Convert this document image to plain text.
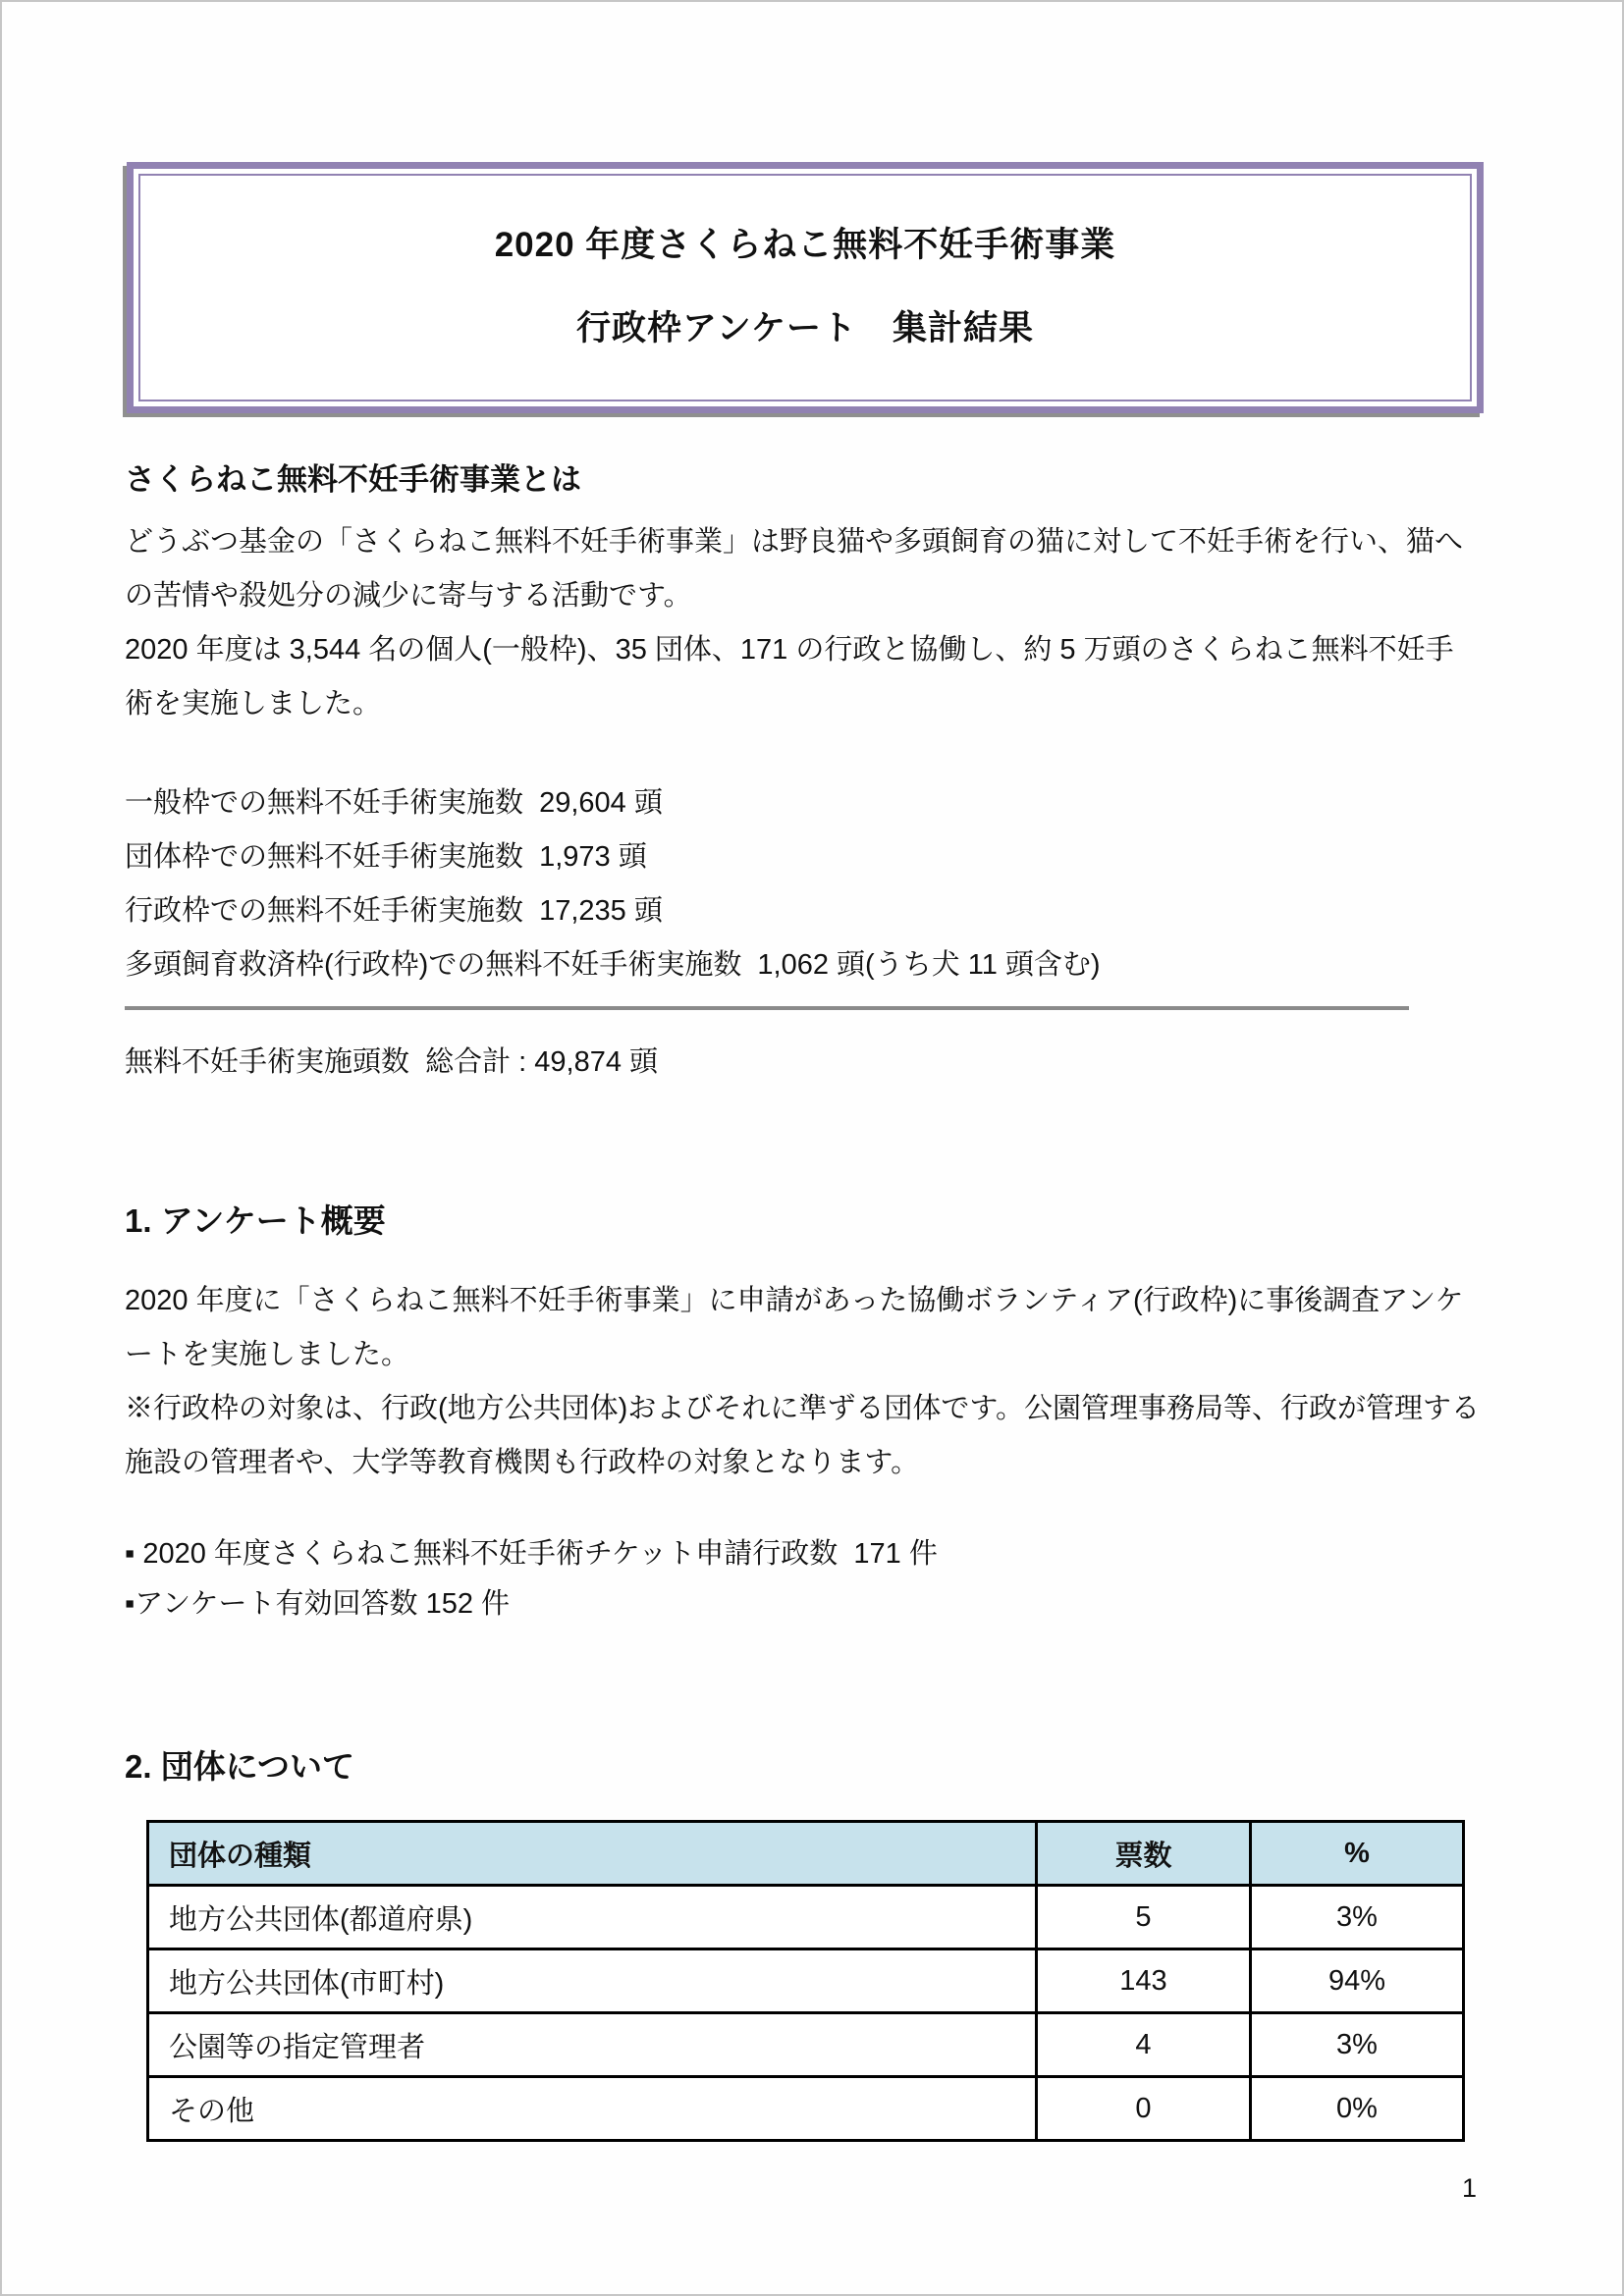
2020 年度さくらねこ無料不妊手術事業
行政枠アンケート　集計結果
さくらねこ無料不妊手術事業とは

どうぶつ基金の「さくらねこ無料不妊手術事業」は野良猫や多頭飼育の猫に対して不妊手術を行い、猫への苦情や殺処分の減少に寄与する活動です。

2020 年度は 3,544 名の個人(一般枠)、35 団体、171 の行政と協働し、約 5 万頭のさくらねこ無料不妊手術を実施しました。

一般枠での無料不妊手術実施数  29,604 頭
団体枠での無料不妊手術実施数  1,973 頭
行政枠での無料不妊手術実施数  17,235 頭
多頭飼育救済枠(行政枠)での無料不妊手術実施数  1,062 頭(うち犬 11 頭含む)
無料不妊手術実施頭数  総合計 : 49,874 頭
1. アンケート概要

2020 年度に「さくらねこ無料不妊手術事業」に申請があった協働ボランティア(行政枠)に事後調査アンケートを実施しました。

※行政枠の対象は、行政(地方公共団体)およびそれに準ずる団体です。公園管理事務局等、行政が管理する施設の管理者や、大学等教育機関も行政枠の対象となります。

▪ 2020 年度さくらねこ無料不妊手術チケット申請行政数  171 件
▪アンケート有効回答数 152 件
2. 団体について
団体の種類	票数	%
地方公共団体(都道府県)	5	3%
地方公共団体(市町村)	143	94%
公園等の指定管理者	4	3%
その他	0	0%
1
